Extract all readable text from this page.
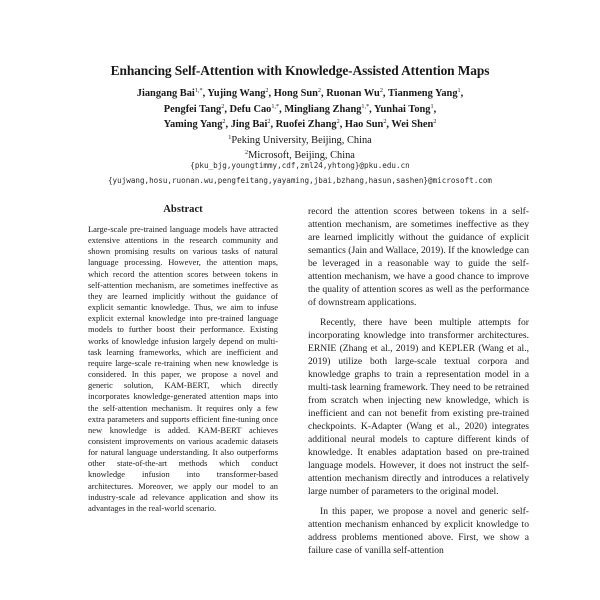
Enhancing Self-Attention with Knowledge-Assisted Attention Maps
Jiangang Bai$^{1,*}$, Yujing Wang$^2$, Hong Sun$^2$, Ruonan Wu$^2$, Tianmeng Yang$^1$,
Pengfei Tang$^2$, Defu Cao$^{1,*}$, Mingliang Zhang$^{1,*}$, Yunhai Tong$^1$,
Yaming Yang$^2$, Jing Bai$^2$, Ruofei Zhang$^2$, Hao Sun$^2$, Wei Shen$^2$
$^1$Peking University, Beijing, China
$^2$Microsoft, Beijing, China
{pku_bjg,youngtimmy,cdf,zml24,yhtong}@pku.edu.cn
{yujwang,hosu,ruonan.wu,pengfeitang,yayaming,jbai,bzhang,hasun,sashen}@microsoft.com
Abstract

Large-scale pre-trained language models have attracted extensive attentions in the research community and shown promising results on various tasks of natural language processing. However, the attention maps, which record the attention scores between tokens in self-attention mechanism, are sometimes ineffective as they are learned implicitly without the guidance of explicit semantic knowledge. Thus, we aim to infuse explicit external knowledge into pre-trained language models to further boost their performance. Existing works of knowledge infusion largely depend on multi-task learning frameworks, which are inefficient and require large-scale re-training when new knowledge is considered. In this paper, we propose a novel and generic solution, KAM-BERT, which directly incorporates knowledge-generated attention maps into the self-attention mechanism. It requires only a few extra parameters and supports efficient fine-tuning once new knowledge is added. KAM-BERT achieves consistent improvements on various academic datasets for natural language understanding. It also outperforms other state-of-the-art methods which conduct knowledge infusion into transformer-based architectures. Moreover, we apply our model to an industry-scale ad relevance application and show its advantages in the real-world scenario.

record the attention scores between tokens in a self-attention mechanism, are sometimes ineffective as they are learned implicitly without the guidance of explicit semantics (Jain and Wallace, 2019). If the knowledge can be leveraged in a reasonable way to guide the self-attention mechanism, we have a good chance to improve the quality of attention scores as well as the performance of downstream applications.

Recently, there have been multiple attempts for incorporating knowledge into transformer architectures. ERNIE (Zhang et al., 2019) and KEPLER (Wang et al., 2019) utilize both large-scale textual corpora and knowledge graphs to train a representation model in a multi-task learning framework. They need to be retrained from scratch when injecting new knowledge, which is inefficient and can not benefit from existing pre-trained checkpoints. K-Adapter (Wang et al., 2020) integrates additional neural models to capture different kinds of knowledge. It enables adaptation based on pre-trained language models. However, it does not instruct the self-attention mechanism directly and introduces a relatively large number of parameters to the original model.

In this paper, we propose a novel and generic self-attention mechanism enhanced by explicit knowledge to address problems mentioned above. First, we show a failure case of vanilla self-attention
